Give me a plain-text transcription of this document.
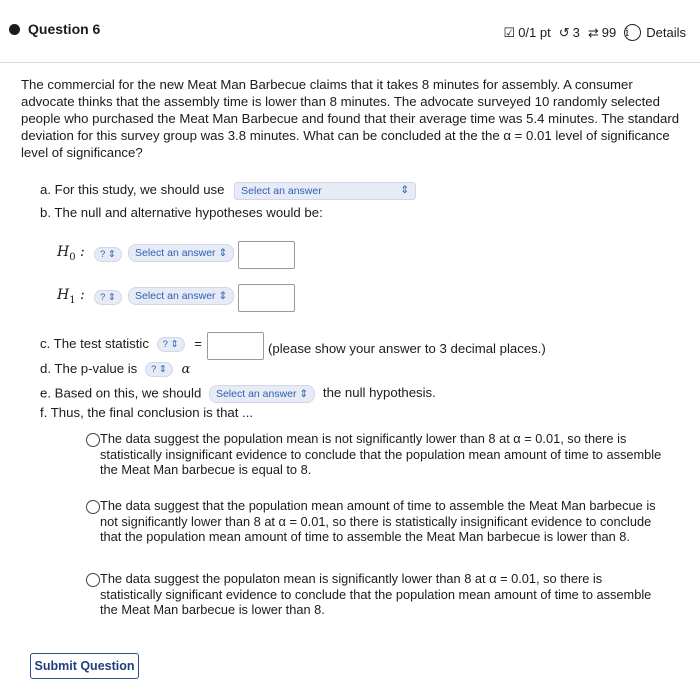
Question 6	☑ 0/1 pt ↺ 3 ⇄ 99 i	Details

The commercial for the new Meat Man Barbecue claims that it takes 8 minutes for assembly. A consumer advocate thinks that the assembly time is lower than 8 minutes. The advocate surveyed 10 randomly selected people who purchased the Meat Man Barbecue and found that their average time was 5.4 minutes. The standard deviation for this survey group was 3.8 minutes. What can be concluded at the the α = 0.01 level of significance level of significance?

a. For this study, we should use Select an answer	⇕
b. The null and alternative hypotheses would be:
$H_0$ :	? ⇕	Select an answer ⇕
$H_1$ :	? ⇕	Select an answer ⇕
c. The test statistic ? ⇕ =	(please show your answer to 3 decimal places.)
d. The p-value is ? ⇕ α
e. Based on this, we should Select an answer ⇕ the null hypothesis.
f. Thus, the final conclusion is that ...
The data suggest the population mean is not significantly lower than 8 at α = 0.01, so there is statistically insignificant evidence to conclude that the population mean amount of time to assemble the Meat Man barbecue is equal to 8.
The data suggest that the population mean amount of time to assemble the Meat Man barbecue is not significantly lower than 8 at α = 0.01, so there is statistically insignificant evidence to conclude that the population mean amount of time to assemble the Meat Man barbecue is lower than 8.
The data suggest the populaton mean is significantly lower than 8 at α = 0.01, so there is statistically significant evidence to conclude that the population mean amount of time to assemble the Meat Man barbecue is lower than 8.
Submit Question
